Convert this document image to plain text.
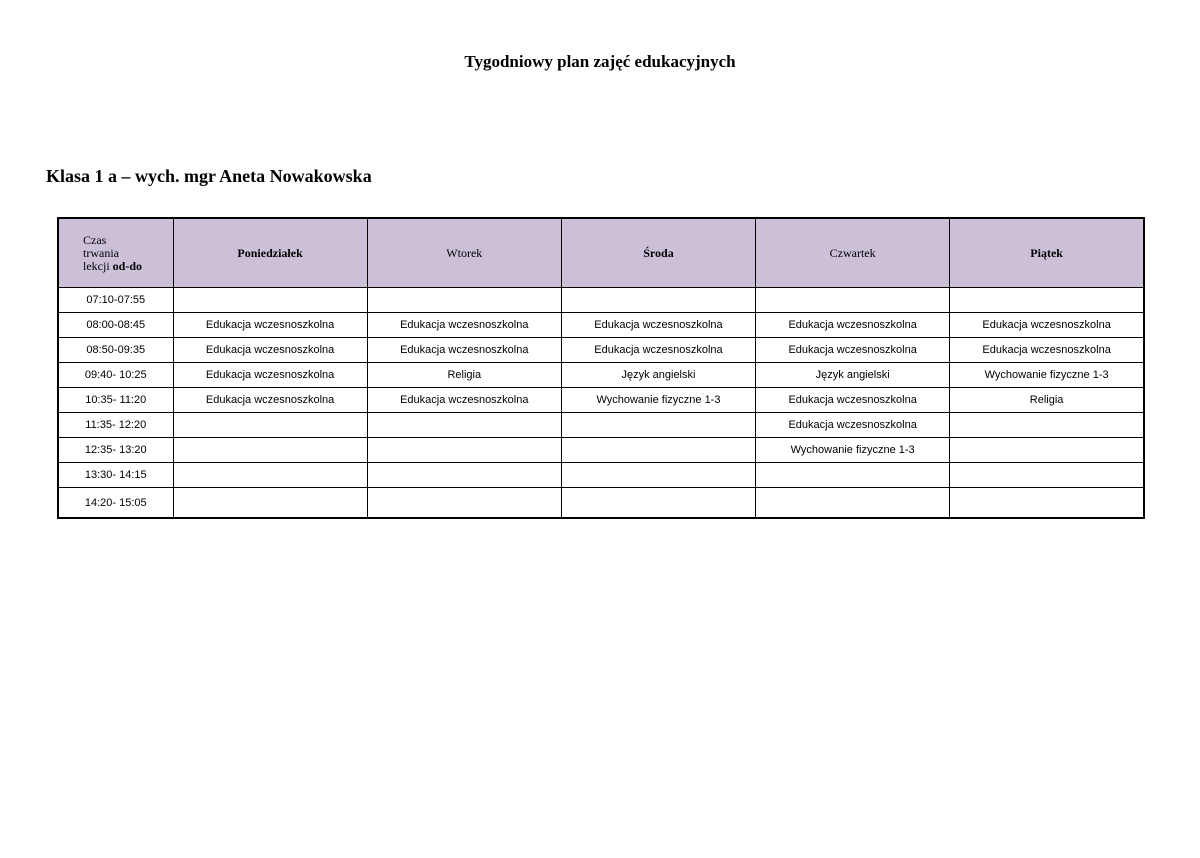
Tygodniowy plan zajęć edukacyjnych
Klasa 1 a – wych. mgr Aneta Nowakowska
Czas
trwania
lekcji od-do	Poniedziałek	Wtorek	Środa	Czwartek	Piątek
07:10-07:55					
08:00-08:45	Edukacja wczesnoszkolna	Edukacja wczesnoszkolna	Edukacja wczesnoszkolna	Edukacja wczesnoszkolna	Edukacja wczesnoszkolna
08:50-09:35	Edukacja wczesnoszkolna	Edukacja wczesnoszkolna	Edukacja wczesnoszkolna	Edukacja wczesnoszkolna	Edukacja wczesnoszkolna
09:40- 10:25	Edukacja wczesnoszkolna	Religia	Język angielski	Język angielski	Wychowanie fizyczne 1-3
10:35- 11:20	Edukacja wczesnoszkolna	Edukacja wczesnoszkolna	Wychowanie fizyczne 1-3	Edukacja wczesnoszkolna	Religia
11:35- 12:20				Edukacja wczesnoszkolna	
12:35- 13:20				Wychowanie fizyczne 1-3	
13:30- 14:15					
14:20- 15:05					
